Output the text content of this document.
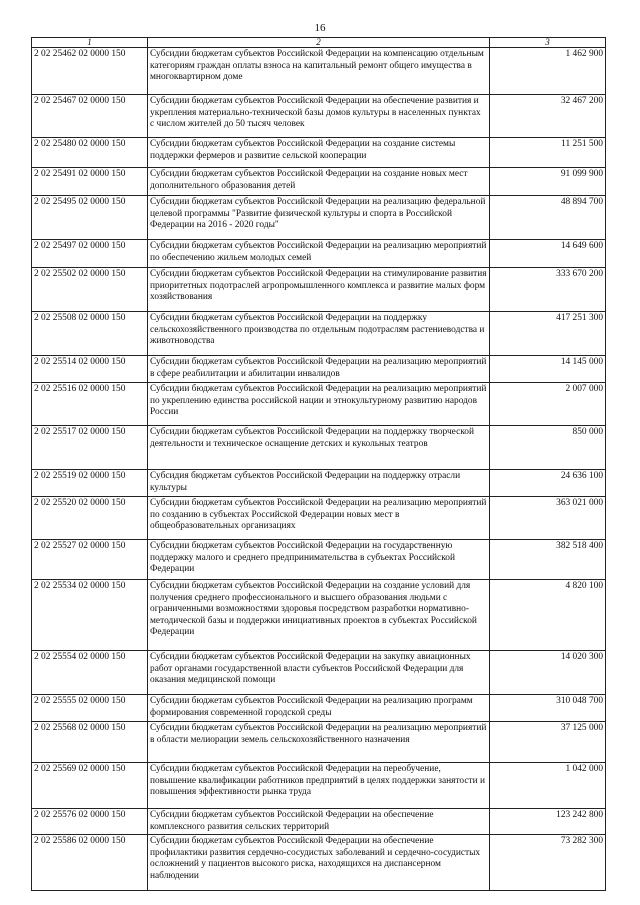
16
1	2	3
2 02 25462 02 0000 150	Субсидии бюджетам субъектов Российской Федерации на компенсацию отдельным категориям граждан оплаты взноса на капитальный ремонт общего имущества в многоквартирном доме	1 462 900
2 02 25467 02 0000 150	Субсидии бюджетам субъектов Российской Федерации на обеспечение развития и укрепления материально-технической базы домов культуры в населенных пунктах с числом жителей до 50 тысяч человек	32 467 200
2 02 25480 02 0000 150	Субсидии бюджетам субъектов Российской Федерации на создание системы поддержки фермеров и развитие сельской кооперации	11 251 500
2 02 25491 02 0000 150	Субсидии бюджетам субъектов Российской Федерации на создание новых мест дополнительного образования детей	91 099 900
2 02 25495 02 0000 150	Субсидии бюджетам субъектов Российской Федерации на реализацию федеральной целевой программы "Развитие физической культуры и спорта в Российской Федерации на 2016 - 2020 годы"	48 894 700
2 02 25497 02 0000 150	Субсидии бюджетам субъектов Российской Федерации на реализацию мероприятий по обеспечению жильем молодых семей	14 649 600
2 02 25502 02 0000 150	Субсидии бюджетам субъектов Российской Федерации на стимулирование развития приоритетных подотраслей агропромышленного комплекса и развитие малых форм хозяйствования	333 670 200
2 02 25508 02 0000 150	Субсидии бюджетам субъектов Российской Федерации на поддержку сельскохозяйственного производства по отдельным подотраслям растениеводства и животноводства	417 251 300
2 02 25514 02 0000 150	Субсидии бюджетам субъектов Российской Федерации на реализацию мероприятий в сфере реабилитации и абилитации инвалидов	14 145 000
2 02 25516 02 0000 150	Субсидии бюджетам субъектов Российской Федерации на реализацию мероприятий по укреплению единства российской нации и этнокультурному развитию народов России	2 007 000
2 02 25517 02 0000 150	Субсидии бюджетам субъектов Российской Федерации на поддержку творческой деятельности и техническое оснащение детских и кукольных театров	850 000
2 02 25519 02 0000 150	Субсидия бюджетам субъектов Российской Федерации на поддержку отрасли культуры	24 636 100
2 02 25520 02 0000 150	Субсидии бюджетам субъектов Российской Федерации на реализацию мероприятий по созданию в субъектах Российской Федерации новых мест в общеобразовательных организациях	363 021 000
2 02 25527 02 0000 150	Субсидии бюджетам субъектов Российской Федерации на государственную поддержку малого и среднего предпринимательства в субъектах Российской Федерации	382 518 400
2 02 25534 02 0000 150	Субсидии бюджетам субъектов Российской Федерации на создание условий для получения среднего профессионального и высшего образования людьми с ограниченными возможностями здоровья посредством разработки нормативно-методической базы и поддержки инициативных проектов в субъектах Российской Федерации	4 820 100
2 02 25554 02 0000 150	Субсидии бюджетам субъектов Российской Федерации на закупку авиационных работ органами государственной власти субъектов Российской Федерации для оказания медицинской помощи	14 020 300
2 02 25555 02 0000 150	Субсидии бюджетам субъектов Российской Федерации на реализацию программ формирования современной городской среды	310 048 700
2 02 25568 02 0000 150	Субсидии бюджетам субъектов Российской Федерации на реализацию мероприятий в области мелиорации земель сельскохозяйственного назначения	37 125 000
2 02 25569 02 0000 150	Субсидии бюджетам субъектов Российской Федерации на переобучение, повышение квалификации работников предприятий в целях поддержки занятости и повышения эффективности рынка труда	1 042 000
2 02 25576 02 0000 150	Субсидии бюджетам субъектов Российской Федерации на обеспечение комплексного развития сельских территорий	123 242 800
2 02 25586 02 0000 150	Субсидии бюджетам субъектов Российской Федерации на обеспечение профилактики развития сердечно-сосудистых заболеваний и сердечно-сосудистых осложнений у пациентов высокого риска, находящихся на диспансерном наблюдении	73 282 300
